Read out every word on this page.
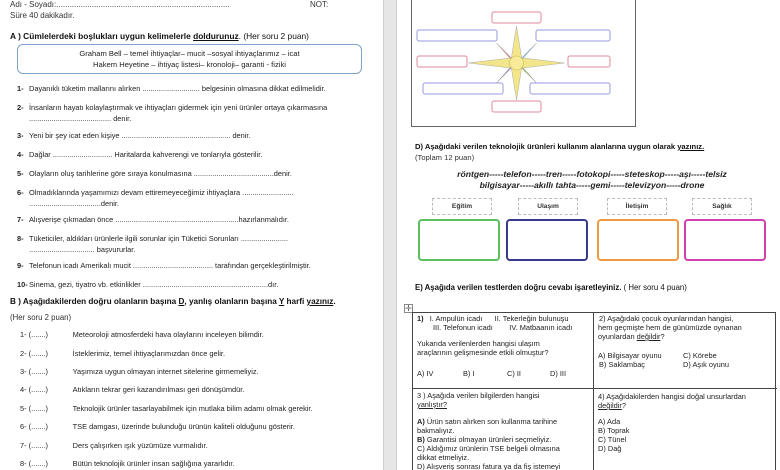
Adı - Soyadı:..............................................................................	NOT:
Süre 40 dakikadır.
A ) Cümlelerdeki boşlukları uygun kelimelerle doldurunuz. (Her soru 2 puan)
Graham Bell – temel ihtiyaçlar– mucit –sosyal ihtiyaçlarımız – icat
Hakem Heyetine – ihtiyaç listesi– kronoloji– garanti - fiziki
1- Dayanıklı tüketim mallarını alırken ............................ belgesinin olmasına dikkat edilmelidir.
2- İnsanların hayatı kolaylaştırmak ve ihtiyaçları gidermek için yeni ürünler ortaya çıkarmasına
........................................ denir.
3- Yeni bir şey icat eden kişiye ..................................................... denir.
4- Dağlar ............................. Haritalarda kahverengi ve tonlarıyla gösterilir.
5- Olayların oluş tarihlerine göre sıraya konulmasına .......................................denir.
6- Olmadıklarında yaşamımızı devam ettiremeyeceğimiz ihtiyaçlara .........................
...................................denir.
7- Alışverişe çıkmadan önce ............................................................hazırlanmalıdır.
8- Tüketiciler, aldıkları ürünlerle ilgili sorunlar için Tüketici Sorunları .......................
................................ başvururlar.
9- Telefonun icadı Amerikalı mucit ....................................... tarafından gerçekleştirilmiştir.
10-Sinema, gezi, tiyatro vb. etkinlikler .............................................................dır.
B ) Aşağıdakilerden doğru olanların başına D, yanlış olanların başına Y harfi yazınız.
(Her soru 2 puan)
1- (.......)	Meteoroloji atmosferdeki hava olaylarını inceleyen bilimdir.
2- (.......)	İsteklerimiz, temel ihtiyaçlarımızdan önce gelir.
3- (.......)	Yaşımıza uygun olmayan internet sitelerine girmemeliyiz.
4- (.......)	Atıkların tekrar geri kazandırılması geri dönüşümdür.
5- (.......)	Teknolojik ürünler tasarlayabilmek için mutlaka bilim adamı olmak gerekir.
6- (.......)	TSE damgası, üzerinde bulunduğu ürünün kaliteli olduğunu gösterir.
7- (.......)	Ders çalışırken ışık yüzümüze vurmalıdır.
8- (.......)	Bütün teknolojik ürünler insan sağlığına yararlıdır.
D) Aşağıdaki verilen teknolojik ürünleri kullanım alanlarına uygun olarak yazınız.
(Toplam 12 puan)
röntgen-----telefon-----tren-----fotokopi-----steteskop-----aşı-----telsiz
bilgisayar-----akıllı tahta-----gemi-----televizyon-----drone
Eğitim	Ulaşım	İletişim	Sağlık
E) Aşağıda verilen testlerden doğru cevabı işaretleyiniz. ( Her soru 4 puan)
✛
1) I. Ampulün icadı II. Tekerleğin bulunuşu
III. Telefonun icadı IV. Matbaanın icadı
Yukarıda verilenlerden hangisi ulaşım
araçlarının gelişmesinde etkili olmuştur?
A) IV	B) I	C) II	D) III
2) Aşağıdaki çocuk oyunlarından hangisi,
hem geçmişte hem de günümüzde oynanan
oyunlardan değildir?
A) Bilgisayar oyunu	C) Körebe
B) Saklambaç	D) Aşık oyunu
3 ) Aşağıda verilen bilgilerden hangisi
yanlıştır?
A) Ürün satın alırken son kullanma tarihine
bakmalıyız.
B) Garantisi olmayan ürünleri seçmeliyiz.
C) Aldığımız ürünlerin TSE belgeli olmasına
dikkat etmeliyiz.
D) Alışveriş sonrası fatura ya da fiş istemeyi
4) Aşağıdakilerden hangisi doğal unsurlardan
değildir?
A) Ada
B) Toprak
C) Tünel
D) Dağ
